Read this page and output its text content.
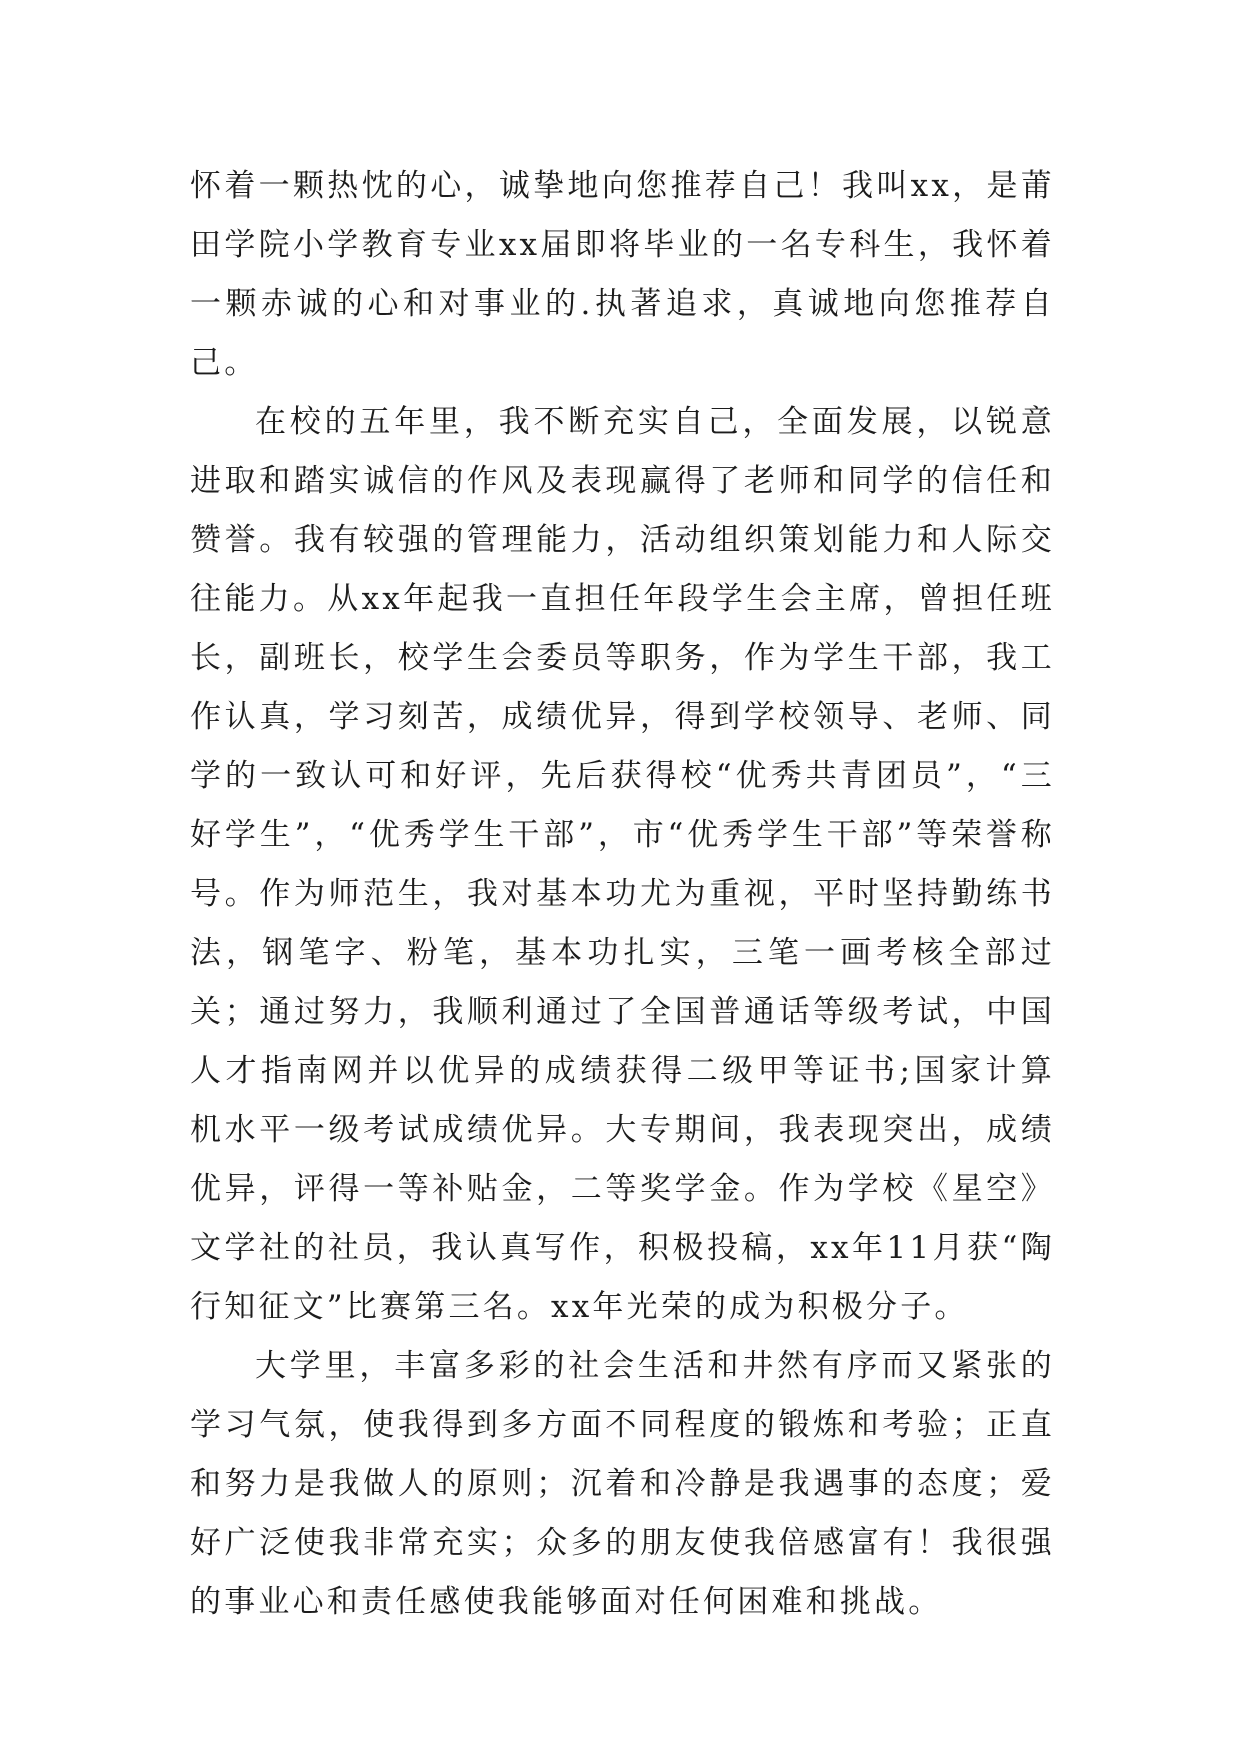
怀着一颗热忱的心，诚挚地向您推荐自己！我叫xx，是莆田学院小学教育专业xx届即将毕业的一名专科生，我怀着一颗赤诚的心和对事业的.执著追求，真诚地向您推荐自己。

在校的五年里，我不断充实自己，全面发展，以锐意进取和踏实诚信的作风及表现赢得了老师和同学的信任和赞誉。我有较强的管理能力，活动组织策划能力和人际交往能力。从xx年起我一直担任年段学生会主席，曾担任班长，副班长，校学生会委员等职务，作为学生干部，我工作认真，学习刻苦，成绩优异，得到学校领导、老师、同学的一致认可和好评，先后获得校“优秀共青团员”，“三好学生”，“优秀学生干部”，市“优秀学生干部”等荣誉称号。作为师范生，我对基本功尤为重视，平时坚持勤练书法，钢笔字、粉笔，基本功扎实，三笔一画考核全部过关；通过努力，我顺利通过了全国普通话等级考试，中国人才指南网并以优异的成绩获得二级甲等证书;国家计算机水平一级考试成绩优异。大专期间，我表现突出，成绩优异，评得一等补贴金，二等奖学金。作为学校《星空》文学社的社员，我认真写作，积极投稿，xx年11月获“陶行知征文”比赛第三名。xx年光荣的成为积极分子。

大学里，丰富多彩的社会生活和井然有序而又紧张的学习气氛，使我得到多方面不同程度的锻炼和考验；正直和努力是我做人的原则；沉着和冷静是我遇事的态度；爱好广泛使我非常充实；众多的朋友使我倍感富有！我很强的事业心和责任感使我能够面对任何困难和挑战。
